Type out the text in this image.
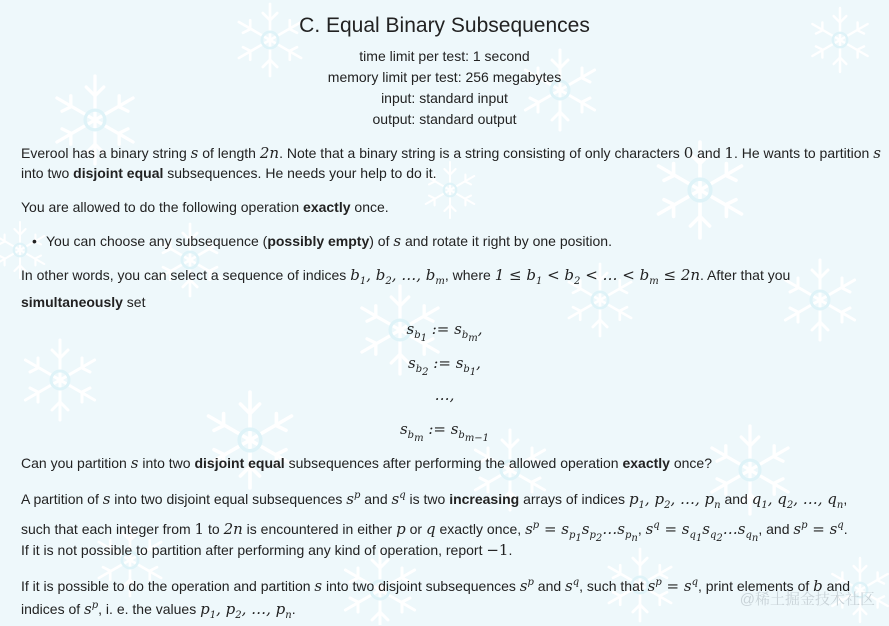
C. Equal Binary Subsequences
time limit per test: 1 second
memory limit per test: 256 megabytes
input: standard input
output: standard output
Everool has a binary string s of length 2n. Note that a binary string is a string consisting of only characters 0 and 1. He wants to partition s
into two disjoint equal subsequences. He needs your help to do it.
You are allowed to do the following operation exactly once.
• You can choose any subsequence (possibly empty) of s and rotate it right by one position.
In other words, you can select a sequence of indices $b_1$, $b_2$, …, $b_m$, where $1 \le b_1 < b_2$ < … < $b_m \le 2n$. After that you
simultaneously set
$s_{b_1}$ := $s_{b_m}$,
$s_{b_2}$ := $s_{b_1}$,
…,
$s_{b_m}$ := $s_{b_{m-1}}$
Can you partition s into two disjoint equal subsequences after performing the allowed operation exactly once?
A partition of s into two disjoint equal subsequences $s^p$ and $s^q$ is two increasing arrays of indices $p_1$, $p_2$, …, $p_n$ and $q_1$, $q_2$, …, $q_n$,
such that each integer from 1 to 2n is encountered in either p or q exactly once, $s^p$ = $s_{p_1}s_{p_2}\dots s_{p_n}$, $s^q$ = $s_{q_1}s_{q_2}\dots s_{q_n}$, and $s^p = s^q$.
If it is not possible to partition after performing any kind of operation, report −1.
If it is possible to do the operation and partition s into two disjoint subsequences $s^p$ and $s^q$, such that $s^p = s^q$, print elements of b and
indices of $s^p$, i. e. the values $p_1$, $p_2$, …, $p_n$.
@稀土掘金技术社区
